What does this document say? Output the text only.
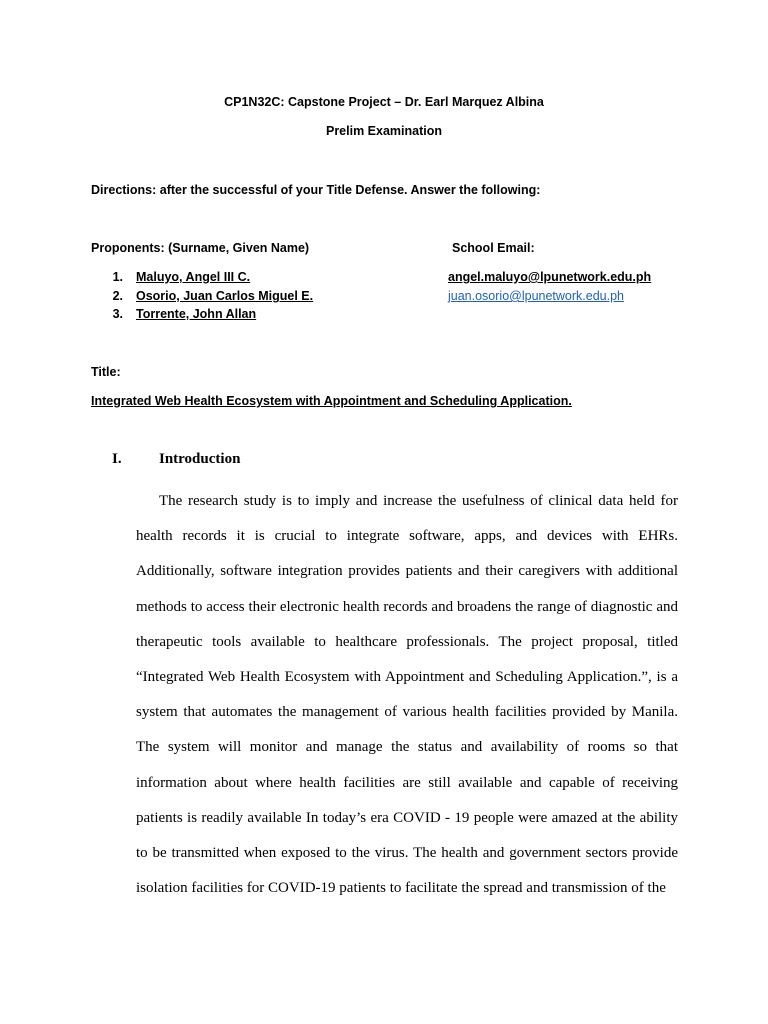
CP1N32C: Capstone Project – Dr. Earl Marquez Albina
Prelim Examination
Directions: after the successful of your Title Defense. Answer the following:
Proponents: (Surname, Given Name)	School Email:
1. Maluyo, Angel III C.	angel.maluyo@lpunetwork.edu.ph
2. Osorio, Juan Carlos Miguel E.	juan.osorio@lpunetwork.edu.ph
3. Torrente, John Allan
Title:
Integrated Web Health Ecosystem with Appointment and Scheduling Application.
I. Introduction

The research study is to imply and increase the usefulness of clinical data held for health records it is crucial to integrate software, apps, and devices with EHRs. Additionally, software integration provides patients and their caregivers with additional methods to access their electronic health records and broadens the range of diagnostic and therapeutic tools available to healthcare professionals. The project proposal, titled “Integrated Web Health Ecosystem with Appointment and Scheduling Application.”, is a system that automates the management of various health facilities provided by Manila. The system will monitor and manage the status and availability of rooms so that information about where health facilities are still available and capable of receiving patients is readily available In today’s era COVID - 19 people were amazed at the ability to be transmitted when exposed to the virus. The health and government sectors provide isolation facilities for COVID-19 patients to facilitate the spread and transmission of the
